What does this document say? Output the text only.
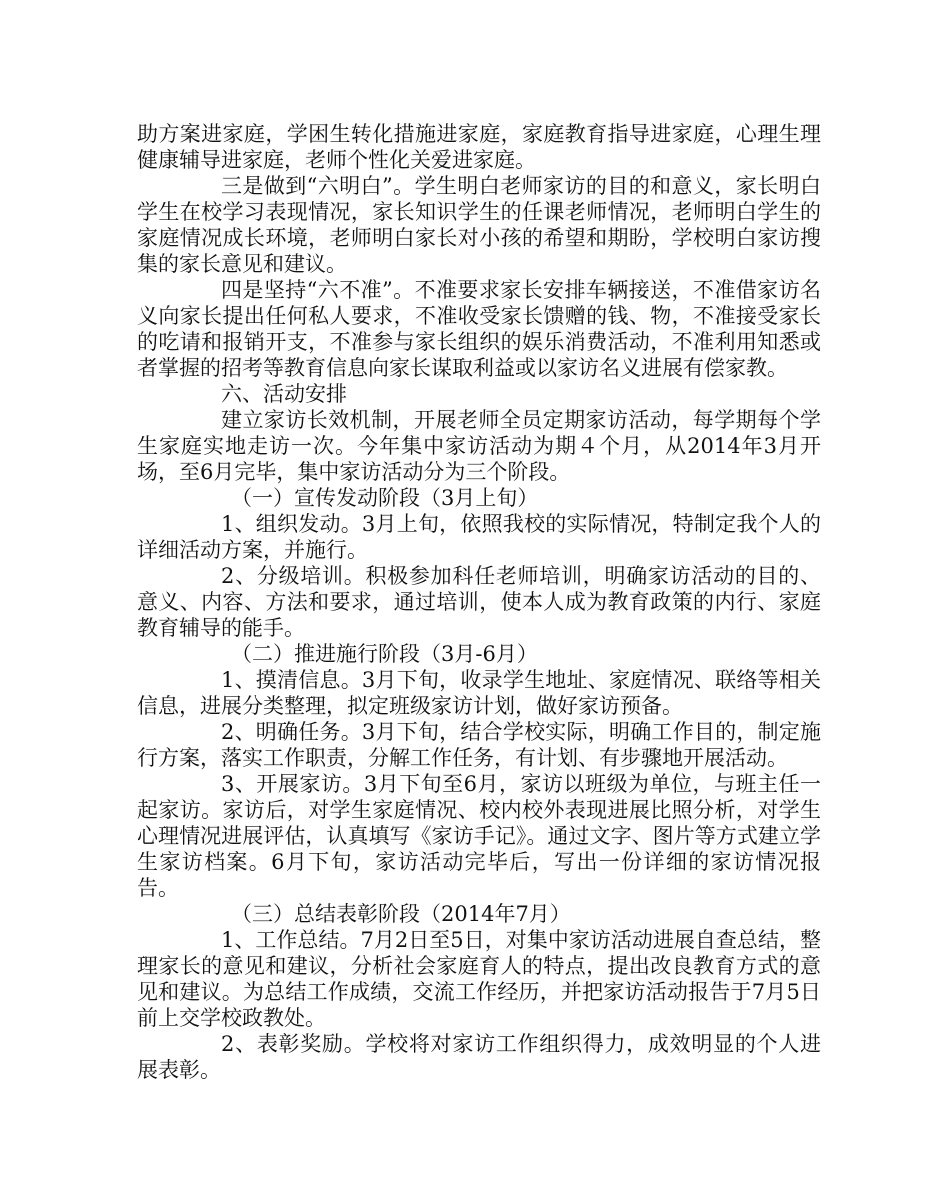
助方案进家庭，学困生转化措施进家庭，家庭教育指导进家庭，心理生理健康辅导进家庭，老师个性化关爱进家庭。

三是做到“六明白”。学生明白老师家访的目的和意义，家长明白学生在校学习表现情况，家长知识学生的任课老师情况，老师明白学生的家庭情况成长环境，老师明白家长对小孩的希望和期盼，学校明白家访搜集的家长意见和建议。

四是坚持“六不准”。不准要求家长安排车辆接送，不准借家访名义向家长提出任何私人要求，不准收受家长馈赠的钱、物，不准接受家长的吃请和报销开支，不准参与家长组织的娱乐消费活动，不准利用知悉或者掌握的招考等教育信息向家长谋取利益或以家访名义进展有偿家教。

六、活动安排

建立家访长效机制，开展老师全员定期家访活动，每学期每个学生家庭实地走访一次。今年集中家访活动为期４个月，从2014年3月开场，至6月完毕，集中家访活动分为三个阶段。

（一）宣传发动阶段（3月上旬）

1、组织发动。3月上旬，依照我校的实际情况，特制定我个人的详细活动方案，并施行。

2、分级培训。积极参加科任老师培训，明确家访活动的目的、意义、内容、方法和要求，通过培训，使本人成为教育政策的内行、家庭教育辅导的能手。

（二）推进施行阶段（3月-6月）

1、摸清信息。3月下旬，收录学生地址、家庭情况、联络等相关信息，进展分类整理，拟定班级家访计划，做好家访预备。

2、明确任务。3月下旬，结合学校实际，明确工作目的，制定施行方案，落实工作职责，分解工作任务，有计划、有步骤地开展活动。

3、开展家访。3月下旬至6月，家访以班级为单位，与班主任一起家访。家访后，对学生家庭情况、校内校外表现进展比照分析，对学生心理情况进展评估，认真填写《家访手记》。通过文字、图片等方式建立学生家访档案。6月下旬，家访活动完毕后，写出一份详细的家访情况报告。

（三）总结表彰阶段（2014年7月）

1、工作总结。7月2日至5日，对集中家访活动进展自查总结，整理家长的意见和建议，分析社会家庭育人的特点，提出改良教育方式的意见和建议。为总结工作成绩，交流工作经历，并把家访活动报告于7月5日前上交学校政教处。

2、表彰奖励。学校将对家访工作组织得力，成效明显的个人进展表彰。
